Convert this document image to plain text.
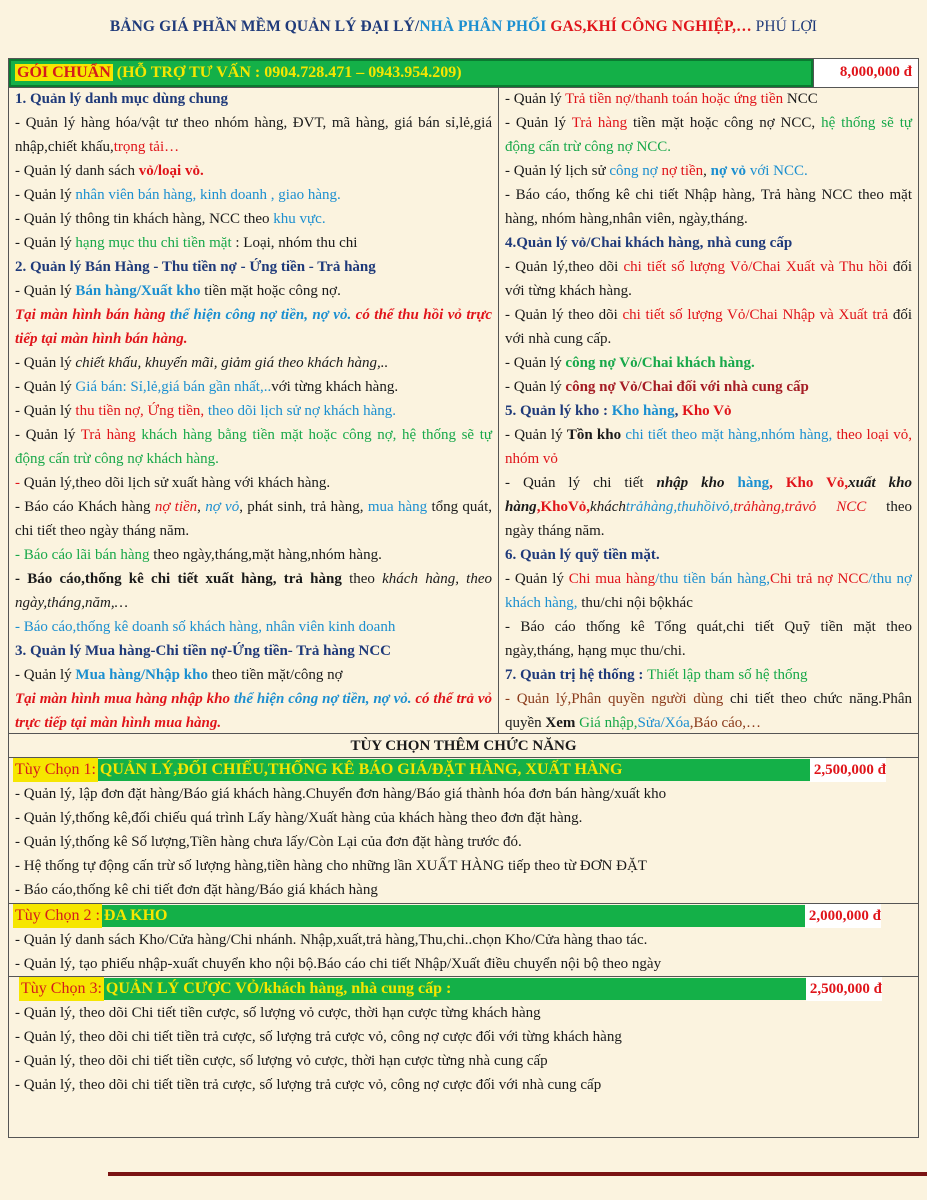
BẢNG GIÁ PHẦN MỀM QUẢN LÝ ĐẠI LÝ/NHÀ PHÂN PHỐI GAS,KHÍ CÔNG NGHIỆP,… PHÚ LỢI
GÓI CHUẨN (HỖ TRỢ TƯ VẤN : 0904.728.471 – 0943.954.209)	8,000,000 đ

1. Quản lý danh mục dùng chung

- Quản lý hàng hóa/vật tư theo nhóm hàng, ĐVT, mã hàng, giá bán sỉ,lẻ,giá nhập,chiết khấu,trọng tải…

- Quản lý danh sách vỏ/loại vỏ.

- Quản lý nhân viên bán hàng, kinh doanh , giao hàng.

- Quản lý thông tin khách hàng, NCC theo khu vực.

- Quản lý hạng mục thu chi tiền mặt : Loại, nhóm thu chi

2. Quản lý Bán Hàng - Thu tiền nợ - Ứng tiền - Trả hàng

- Quản lý Bán hàng/Xuất kho tiền mặt hoặc công nợ.

Tại màn hình bán hàng thể hiện công nợ tiền, nợ vỏ. có thể thu hồi vỏ trực tiếp tại màn hình bán hàng.

- Quản lý chiết khấu, khuyến mãi, giảm giá theo khách hàng,..

- Quản lý Giá bán: Sỉ,lẻ,giá bán gần nhất,..với từng khách hàng.

- Quản lý thu tiền nợ, Ứng tiền, theo dõi lịch sử nợ khách hàng.

- Quản lý Trả hàng khách hàng bằng tiền mặt hoặc công nợ, hệ thống sẽ tự động cấn trừ công nợ khách hàng.

- Quản lý,theo dõi lịch sử xuất hàng với khách hàng.

- Báo cáo Khách hàng nợ tiền, nợ vỏ, phát sinh, trả hàng, mua hàng tổng quát, chi tiết theo ngày tháng năm.

- Báo cáo lãi bán hàng theo ngày,tháng,mặt hàng,nhóm hàng.

- Báo cáo,thống kê chi tiết xuất hàng, trả hàng theo khách hàng, theo ngày,tháng,năm,…

- Báo cáo,thống kê doanh số khách hàng, nhân viên kinh doanh

3. Quản lý Mua hàng-Chi tiền nợ-Ứng tiền- Trả hàng NCC

- Quản lý Mua hàng/Nhập kho theo tiền mặt/công nợ

Tại màn hình mua hàng nhập kho thể hiện công nợ tiền, nợ vỏ. có thể trả vỏ trực tiếp tại màn hình mua hàng.

- Quản lý Trả tiền nợ/thanh toán hoặc ứng tiền NCC

- Quản lý Trả hàng tiền mặt hoặc công nợ NCC, hệ thống sẽ tự động cấn trừ công nợ NCC.

- Quản lý lịch sử công nợ nợ tiền, nợ vỏ với NCC.

- Báo cáo, thống kê chi tiết Nhập hàng, Trả hàng NCC theo mặt hàng, nhóm hàng,nhân viên, ngày,tháng.

4.Quản lý vỏ/Chai khách hàng, nhà cung cấp

- Quản lý,theo dõi chi tiết số lượng Vỏ/Chai Xuất và Thu hồi đối với từng khách hàng.

- Quản lý theo dõi chi tiết số lượng Vỏ/Chai Nhập và Xuất trả đối với nhà cung cấp.

- Quản lý công nợ Vỏ/Chai khách hàng.

- Quản lý công nợ Vỏ/Chai đối với nhà cung cấp

5. Quản lý kho : Kho hàng, Kho Vỏ

- Quản lý Tồn kho chi tiết theo mặt hàng,nhóm hàng, theo loại vỏ, nhóm vỏ

- Quản lý chi tiết nhập kho hàng, Kho Vỏ,xuất kho hàng,KhoVỏ,kháchtrảhàng,thuhồivỏ,trảhàng,trảvỏ NCC theo ngày tháng năm.

6. Quản lý quỹ tiền mặt.

- Quản lý Chi mua hàng/thu tiền bán hàng,Chi trả nợ NCC/thu nợ khách hàng, thu/chi nội bộkhác

- Báo cáo thống kê Tổng quát,chi tiết Quỹ tiền mặt theo ngày,tháng, hạng mục thu/chi.

7. Quản trị hệ thống : Thiết lập tham số hệ thống

- Quản lý,Phân quyền người dùng chi tiết theo chức năng.Phân quyền Xem Giá nhập,Sửa/Xóa,Báo cáo,…

TÙY CHỌN THÊM CHỨC NĂNG
Tùy Chọn 1: QUẢN LÝ,ĐỐI CHIẾU,THỐNG KÊ BÁO GIÁ/ĐẶT HÀNG, XUẤT HÀNG	2,500,000 đ

- Quản lý, lập đơn đặt hàng/Báo giá khách hàng.Chuyển đơn hàng/Báo giá thành hóa đơn bán hàng/xuất kho

- Quản lý,thống kê,đối chiếu quá trình Lấy hàng/Xuất hàng của khách hàng theo đơn đặt hàng.

- Quản lý,thống kê Số lượng,Tiền hàng chưa lấy/Còn Lại của đơn đặt hàng trước đó.

- Hệ thống tự động cấn trừ số lượng hàng,tiền hàng cho những lần XUẤT HÀNG tiếp theo từ ĐƠN ĐẶT

- Báo cáo,thống kê chi tiết đơn đặt hàng/Báo giá khách hàng

Tùy Chọn 2 : ĐA KHO	2,000,000 đ

- Quản lý danh sách Kho/Cửa hàng/Chi nhánh. Nhập,xuất,trả hàng,Thu,chi..chọn Kho/Cửa hàng thao tác.

- Quản lý, tạo phiếu nhập-xuất chuyển kho nội bộ.Báo cáo chi tiết Nhập/Xuất điều chuyển nội bộ theo ngày

Tùy Chọn 3: QUẢN LÝ CƯỢC VỎ/khách hàng, nhà cung cấp :	2,500,000 đ

- Quản lý, theo dõi Chi tiết tiền cược, số lượng vỏ cược, thời hạn cược từng khách hàng

- Quản lý, theo dõi chi tiết tiền trả cược, số lượng trả cược vỏ, công nợ cược đối với từng khách hàng

- Quản lý, theo dõi chi tiết tiền cược, số lượng vỏ cược, thời hạn cược từng nhà cung cấp

- Quản lý, theo dõi chi tiết tiền trả cược, số lượng trả cược vỏ, công nợ cược đối với nhà cung cấp
